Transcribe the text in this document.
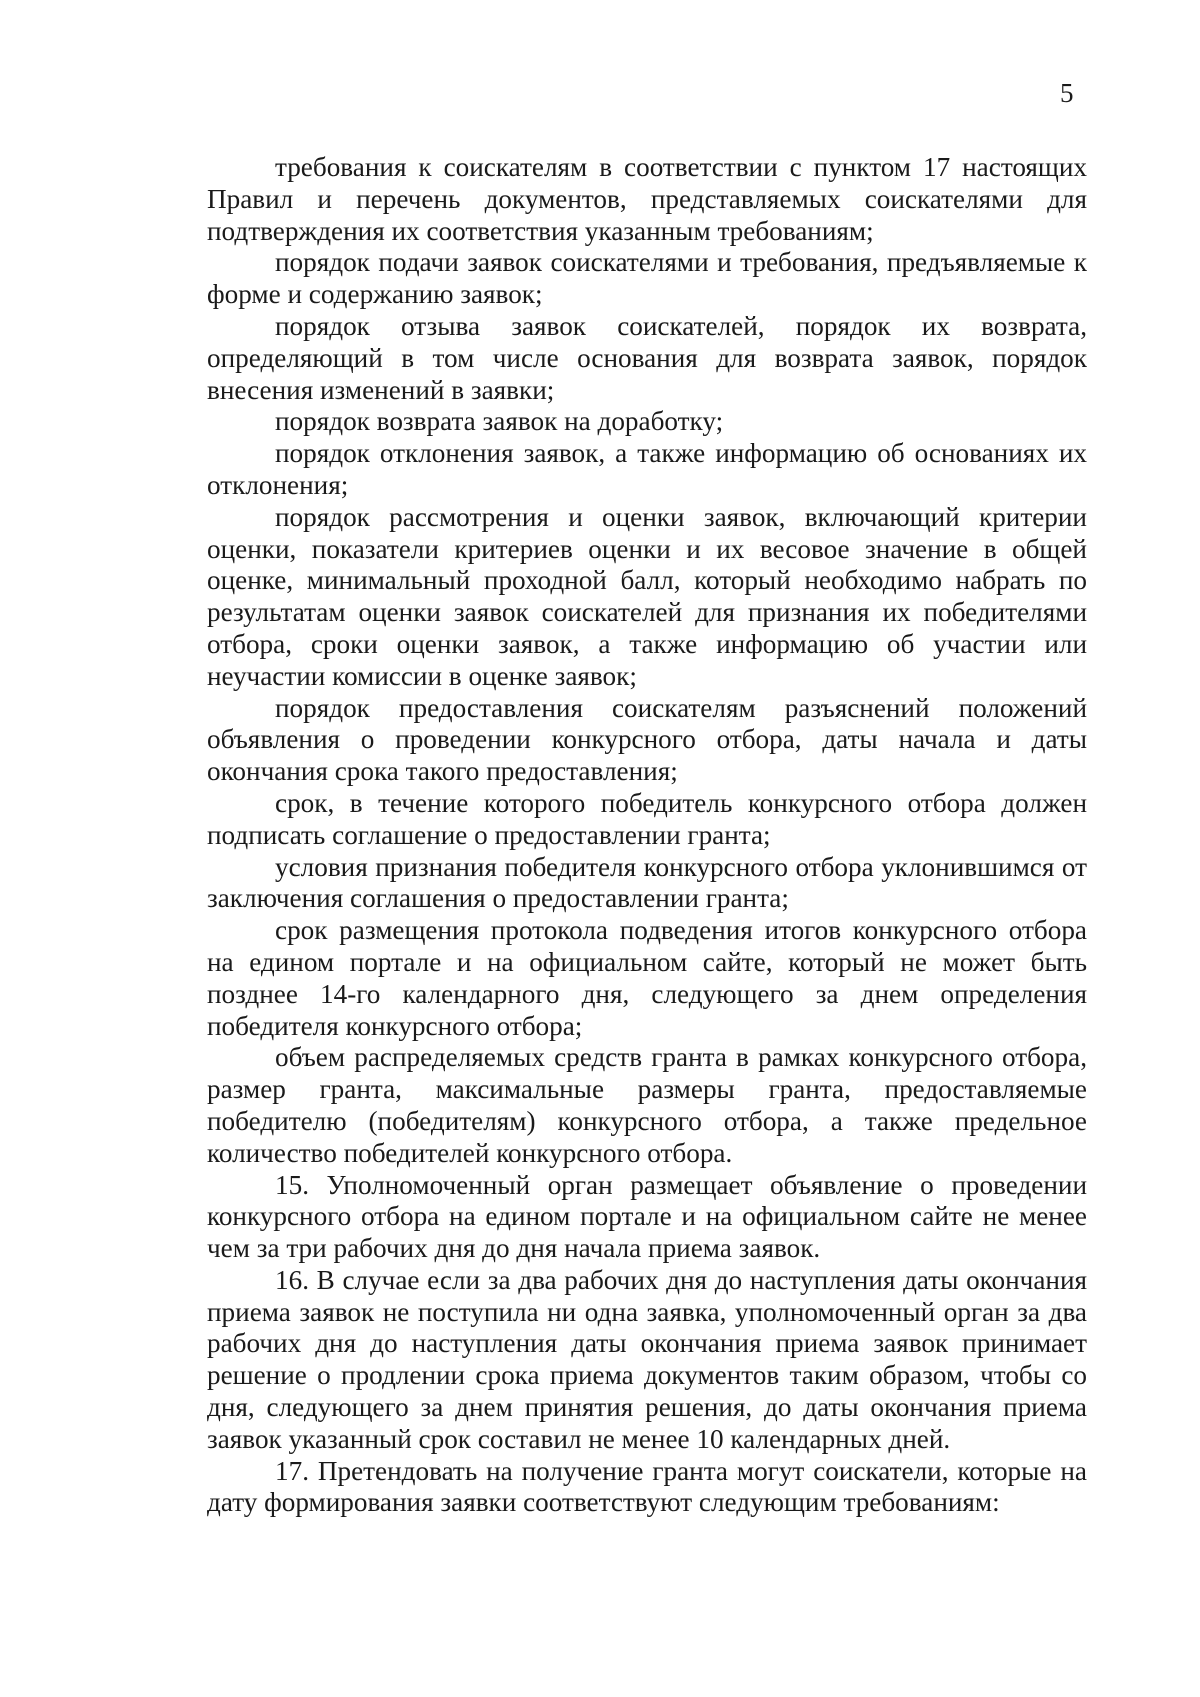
5

требования к соискателям в соответствии с пунктом 17 настоящих Правил и перечень документов, представляемых соискателями для подтверждения их соответствия указанным требованиям;

порядок подачи заявок соискателями и требования, предъявляемые к форме и содержанию заявок;

порядок отзыва заявок соискателей, порядок их возврата, определяющий в том числе основания для возврата заявок, порядок внесения изменений в заявки;

порядок возврата заявок на доработку;

порядок отклонения заявок, а также информацию об основаниях их отклонения;

порядок рассмотрения и оценки заявок, включающий критерии оценки, показатели критериев оценки и их весовое значение в общей оценке, минимальный проходной балл, который необходимо набрать по результатам оценки заявок соискателей для признания их победителями отбора, сроки оценки заявок, а также информацию об участии или неучастии комиссии в оценке заявок;

порядок предоставления соискателям разъяснений положений объявления о проведении конкурсного отбора, даты начала и даты окончания срока такого предоставления;

срок, в течение которого победитель конкурсного отбора должен подписать соглашение о предоставлении гранта;

условия признания победителя конкурсного отбора уклонившимся от заключения соглашения о предоставлении гранта;

срок размещения протокола подведения итогов конкурсного отбора на едином портале и на официальном сайте, который не может быть позднее 14-го календарного дня, следующего за днем определения победителя конкурсного отбора;

объем распределяемых средств гранта в рамках конкурсного отбора, размер гранта, максимальные размеры гранта, предоставляемые победителю (победителям) конкурсного отбора, а также предельное количество победителей конкурсного отбора.

15. Уполномоченный орган размещает объявление о проведении конкурсного отбора на едином портале и на официальном сайте не менее чем за три рабочих дня до дня начала приема заявок.

16. В случае если за два рабочих дня до наступления даты окончания приема заявок не поступила ни одна заявка, уполномоченный орган за два рабочих дня до наступления даты окончания приема заявок принимает решение о продлении срока приема документов таким образом, чтобы со дня, следующего за днем принятия решения, до даты окончания приема заявок указанный срок составил не менее 10 календарных дней.

17. Претендовать на получение гранта могут соискатели, которые на дату формирования заявки соответствуют следующим требованиям:
